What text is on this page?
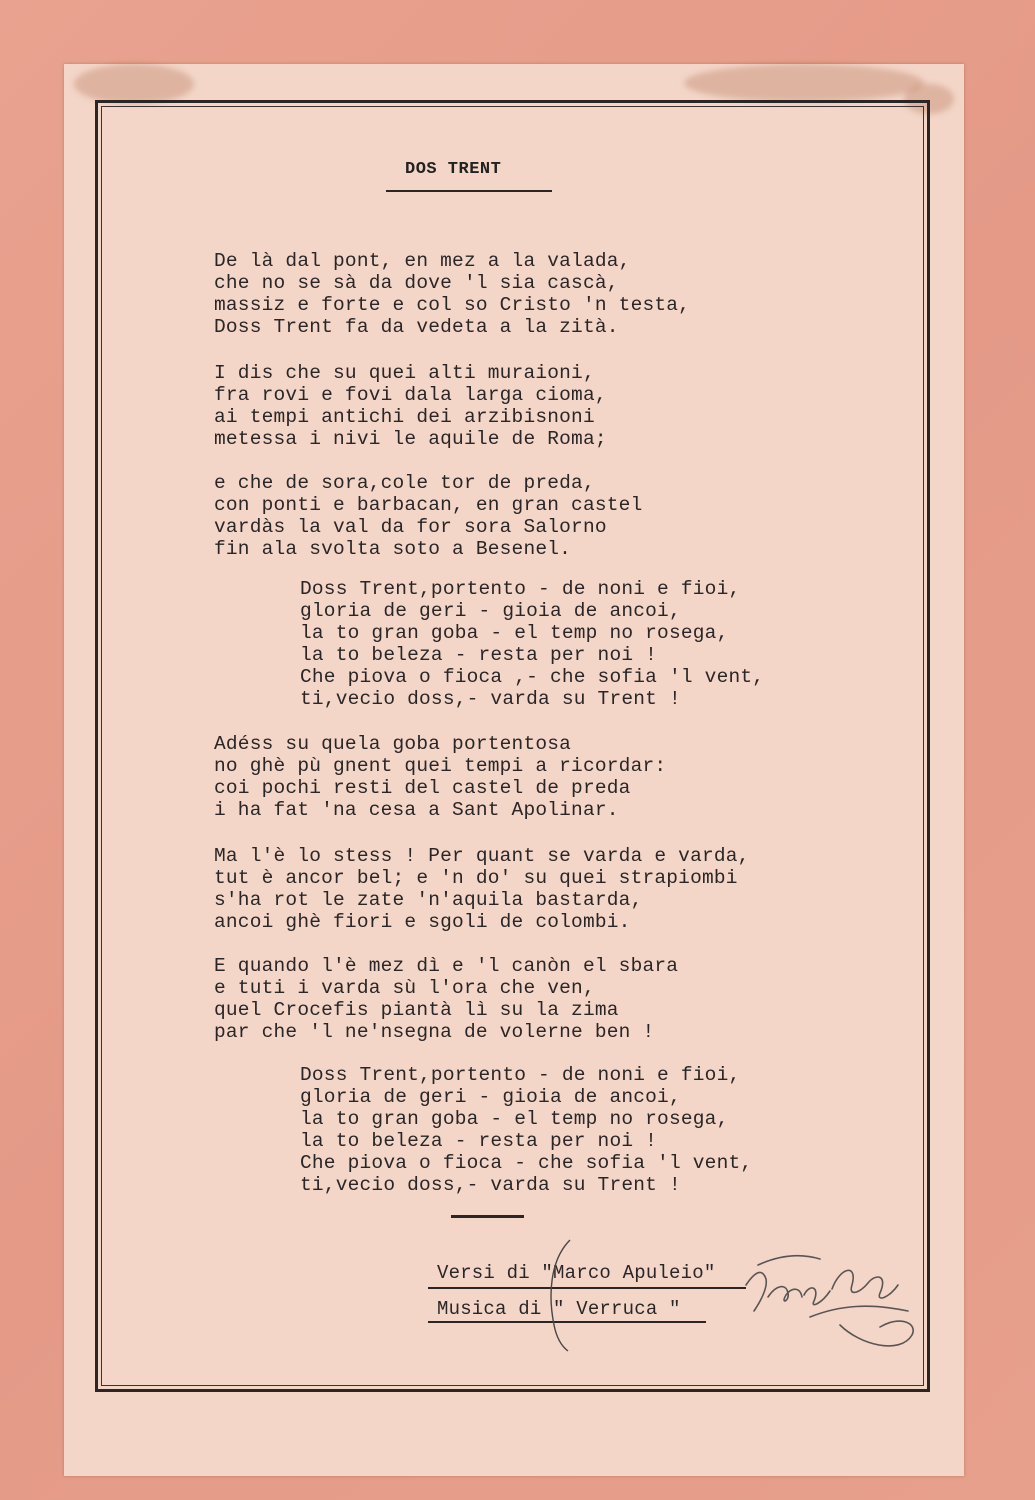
DOS TRENT
De là dal pont, en mez a la valada,
che no se sà da dove 'l sia cascà,
massiz e forte e col so Cristo 'n testa,
Doss Trent fa da vedeta a la zità.
I dis che su quei alti muraioni,
fra rovi e fovi dala larga cioma,
ai tempi antichi dei arzibisnoni
metessa i nivi le aquile de Roma;
e che de sora,cole tor de preda,
con ponti e barbacan, en gran castel
vardàs la val da for sora Salorno
fin ala svolta soto a Besenel.
Doss Trent,portento - de noni e fioi,
gloria de geri - gioia de ancoi,
la to gran goba - el temp no rosega,
la to beleza - resta per noi !
Che piova o fioca ,- che sofia 'l vent,
ti,vecio doss,- varda su Trent !
Adéss su quela goba portentosa
no ghè pù gnent quei tempi a ricordar:
coi pochi resti del castel de preda
i ha fat 'na cesa a Sant Apolinar.
Ma l'è lo stess ! Per quant se varda e varda,
tut è ancor bel; e 'n do' su quei strapiombi
s'ha rot le zate 'n'aquila bastarda,
ancoi ghè fiori e sgoli de colombi.
E quando l'è mez dì e 'l canòn el sbara
e tuti i varda sù l'ora che ven,
quel Crocefis piantà lì su la zima
par che 'l ne'nsegna de volerne ben !
Doss Trent,portento - de noni e fioi,
gloria de geri - gioia de ancoi,
la to gran goba - el temp no rosega,
la to beleza - resta per noi !
Che piova o fioca - che sofia 'l vent,
ti,vecio doss,- varda su Trent !
Versi di "Marco Apuleio"
Musica di " Verruca "
Luigi Pizarchi
